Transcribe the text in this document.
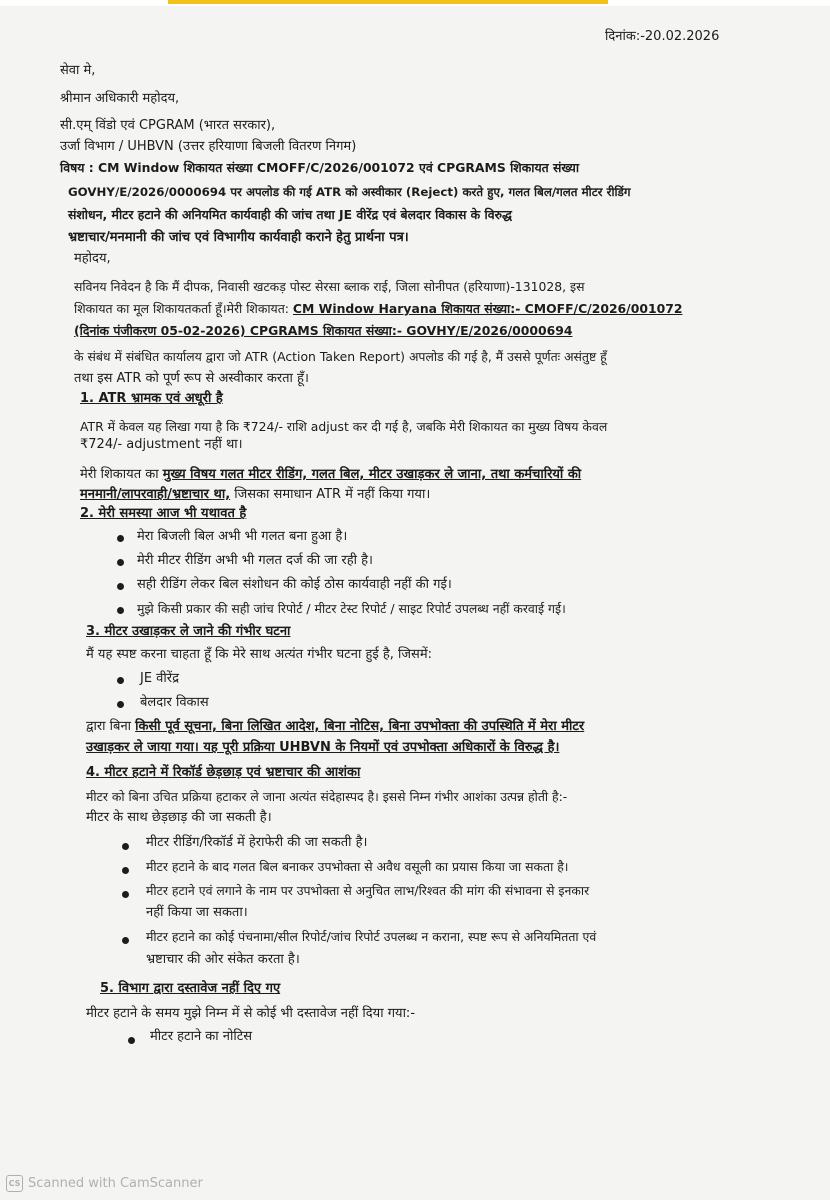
दिनांक:-20.02.2026
सेवा मे,
श्रीमान अधिकारी महोदय,
सी.एम् विंडो एवं CPGRAM (भारत सरकार),
उर्जा विभाग / UHBVN (उत्तर हरियाणा बिजली वितरण निगम)
विषय : CM Window शिकायत संख्या CMOFF/C/2026/001072 एवं CPGRAMS शिकायत संख्या
GOVHY/E/2026/0000694 पर अपलोड की गई ATR को अस्वीकार (Reject) करते हुए, गलत बिल/गलत मीटर रीडिंग
संशोधन, मीटर हटाने की अनियमित कार्यवाही की जांच तथा JE वीरेंद्र एवं बेलदार विकास के विरुद्ध
भ्रष्टाचार/मनमानी की जांच एवं विभागीय कार्यवाही कराने हेतु प्रार्थना पत्र।
महोदय,
सविनय निवेदन है कि मैं दीपक, निवासी खटकड़ पोस्ट सेरसा ब्लाक राई, जिला सोनीपत (हरियाणा)-131028, इस
शिकायत का मूल शिकायतकर्ता हूँ।मेरी शिकायत: CM Window Haryana शिकायत संख्या:- CMOFF/C/2026/001072
(दिनांक पंजीकरण 05-02-2026) CPGRAMS शिकायत संख्या:- GOVHY/E/2026/0000694
के संबंध में संबंधित कार्यालय द्वारा जो ATR (Action Taken Report) अपलोड की गई है, मैं उससे पूर्णतः असंतुष्ट हूँ
तथा इस ATR को पूर्ण रूप से अस्वीकार करता हूँ।
1. ATR भ्रामक एवं अधूरी है
ATR में केवल यह लिखा गया है कि ₹724/- राशि adjust कर दी गई है, जबकि मेरी शिकायत का मुख्य विषय केवल
₹724/- adjustment नहीं था।
मेरी शिकायत का मुख्य विषय गलत मीटर रीडिंग, गलत बिल, मीटर उखाड़कर ले जाना, तथा कर्मचारियों की
मनमानी/लापरवाही/भ्रष्टाचार था, जिसका समाधान ATR में नहीं किया गया।
2. मेरी समस्या आज भी यथावत है
मेरा बिजली बिल अभी भी गलत बना हुआ है।
मेरी मीटर रीडिंग अभी भी गलत दर्ज की जा रही है।
सही रीडिंग लेकर बिल संशोधन की कोई ठोस कार्यवाही नहीं की गई।
मुझे किसी प्रकार की सही जांच रिपोर्ट / मीटर टेस्ट रिपोर्ट / साइट रिपोर्ट उपलब्ध नहीं करवाई गई।
3. मीटर उखाड़कर ले जाने की गंभीर घटना
मैं यह स्पष्ट करना चाहता हूँ कि मेरे साथ अत्यंत गंभीर घटना हुई है, जिसमें:
JE वीरेंद्र
बेलदार विकास
द्वारा बिना किसी पूर्व सूचना, बिना लिखित आदेश, बिना नोटिस, बिना उपभोक्ता की उपस्थिति में मेरा मीटर
उखाड़कर ले जाया गया। यह पूरी प्रक्रिया UHBVN के नियमों एवं उपभोक्ता अधिकारों के विरुद्ध है।
4. मीटर हटाने में रिकॉर्ड छेड़छाड़ एवं भ्रष्टाचार की आशंका
मीटर को बिना उचित प्रक्रिया हटाकर ले जाना अत्यंत संदेहास्पद है। इससे निम्न गंभीर आशंका उत्पन्न होती है:-
मीटर के साथ छेड़छाड़ की जा सकती है।
मीटर रीडिंग/रिकॉर्ड में हेराफेरी की जा सकती है।
मीटर हटाने के बाद गलत बिल बनाकर उपभोक्ता से अवैध वसूली का प्रयास किया जा सकता है।
मीटर हटाने एवं लगाने के नाम पर उपभोक्ता से अनुचित लाभ/रिश्वत की मांग की संभावना से इनकार
नहीं किया जा सकता।
मीटर हटाने का कोई पंचनामा/सील रिपोर्ट/जांच रिपोर्ट उपलब्ध न कराना, स्पष्ट रूप से अनियमितता एवं
भ्रष्टाचार की ओर संकेत करता है।
5. विभाग द्वारा दस्तावेज नहीं दिए गए
मीटर हटाने के समय मुझे निम्न में से कोई भी दस्तावेज नहीं दिया गया:-
मीटर हटाने का नोटिस
CS Scanned with CamScanner
